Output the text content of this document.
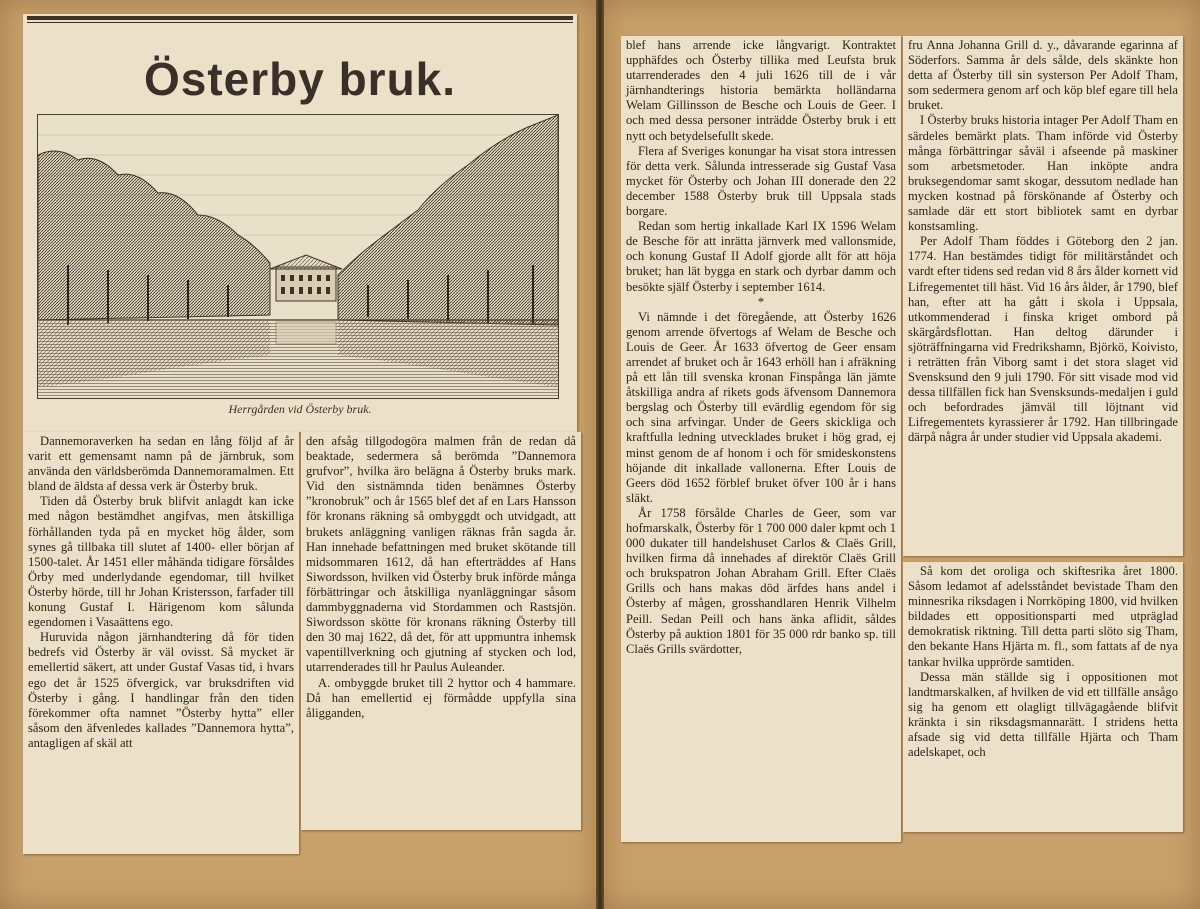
Österby bruk.
Herrgården vid Österby bruk.

Dannemoraverken ha sedan en lång följd af år varit ett gemensamt namn på de järnbruk, som använda den världsberömda Dannemoramalmen. Ett bland de äldsta af dessa verk är Österby bruk.

Tiden då Österby bruk blifvit anlagdt kan icke med någon bestämdhet angifvas, men åtskilliga förhållanden tyda på en mycket hög ålder, som synes gå tillbaka till slutet af 1400- eller början af 1500-talet. År 1451 eller måhända tidigare försåldes Örby med underlydande egendomar, till hvilket Österby hörde, till hr Johan Kristersson, farfader till konung Gustaf I. Härigenom kom sålunda egendomen i Vasaättens ego.

Huruvida någon järnhandtering då för tiden bedrefs vid Österby är väl ovisst. Så mycket är emellertid säkert, att under Gustaf Vasas tid, i hvars ego det år 1525 öfvergick, var bruksdriften vid Österby i gång. I handlingar från den tiden förekommer ofta namnet ”Österby hytta” eller såsom den äfvenledes kallades ”Dannemora hytta”, antagligen af skäl att

den afsåg tillgodogöra malmen från de redan då beaktade, sedermera så berömda ”Dannemora grufvor”, hvilka äro belägna å Österby bruks mark. Vid den sistnämnda tiden benämnes Österby ”kronobruk” och år 1565 blef det af en Lars Hansson för kronans räkning så ombyggdt och utvidgadt, att brukets anläggning vanligen räknas från sagda år. Han innehade befattningen med bruket skötande till midsommaren 1612, då han efterträddes af Hans Siwordsson, hvilken vid Österby bruk införde många förbättringar och åtskilliga nyanläggningar såsom dammbyggnaderna vid Stordammen och Rastsjön. Siwordsson skötte för kronans räkning Österby till den 30 maj 1622, då det, för att uppmuntra inhemsk vapentillverkning och gjutning af stycken och lod, utarrenderades till hr Paulus Auleander.

A. ombyggde bruket till 2 hyttor och 4 hammare. Då han emellertid ej förmådde uppfylla sina åligganden,

blef hans arrende icke långvarigt. Kontraktet upphäfdes och Österby tillika med Leufsta bruk utarrenderades den 4 juli 1626 till de i vår järnhandterings historia bemärkta holländarna Welam Gillinsson de Besche och Louis de Geer. I och med dessa personer inträdde Österby bruk i ett nytt och betydelsefullt skede.

Flera af Sveriges konungar ha visat stora intressen för detta verk. Sålunda intresserade sig Gustaf Vasa mycket för Österby och Johan III donerade den 22 december 1588 Österby bruk till Uppsala stads borgare.

Redan som hertig inkallade Karl IX 1596 Welam de Besche för att inrätta järnverk med vallonsmide, och konung Gustaf II Adolf gjorde allt för att höja bruket; han lät bygga en stark och dyrbar damm och besökte själf Österby i september 1614.

*

Vi nämnde i det föregående, att Österby 1626 genom arrende öfvertogs af Welam de Besche och Louis de Geer. År 1633 öfvertog de Geer ensam arrendet af bruket och år 1643 erhöll han i afräkning på ett lån till svenska kronan Finspånga län jämte åtskilliga andra af rikets gods äfvensom Dannemora bergslag och Österby till evärdlig egendom för sig och sina arfvingar. Under de Geers skickliga och kraftfulla ledning utvecklades bruket i hög grad, ej minst genom de af honom i och för smideskonstens höjande dit inkallade vallonerna. Efter Louis de Geers död 1652 förblef bruket öfver 100 år i hans släkt.

År 1758 försålde Charles de Geer, som var hofmarskalk, Österby för 1 700 000 daler kpmt och 1 000 dukater till handelshuset Carlos & Claës Grill, hvilken firma då innehades af direktör Claës Grill och brukspatron Johan Abraham Grill. Efter Claës Grills och hans makas död ärfdes hans andel i Österby af mågen, grosshandlaren Henrik Vilhelm Peill. Sedan Peill och hans änka aflidit, såldes Österby på auktion 1801 för 35 000 rdr banko sp. till Claës Grills svärdotter,

fru Anna Johanna Grill d. y., dåvarande egarinna af Söderfors. Samma år dels sålde, dels skänkte hon detta af Österby till sin systerson Per Adolf Tham, som sedermera genom arf och köp blef egare till hela bruket.

I Österby bruks historia intager Per Adolf Tham en särdeles bemärkt plats. Tham införde vid Österby många förbättringar såväl i afseende på maskiner som arbetsmetoder. Han inköpte andra bruksegendomar samt skogar, dessutom nedlade han mycken kostnad på förskönande af Österby och samlade där ett stort bibliotek samt en dyrbar konstsamling.

Per Adolf Tham föddes i Göteborg den 2 jan. 1774. Han bestämdes tidigt för militärståndet och vardt efter tidens sed redan vid 8 års ålder kornett vid Lifregementet till häst. Vid 16 års ålder, år 1790, blef han, efter att ha gått i skola i Uppsala, utkommenderad i finska kriget ombord på skärgårdsflottan. Han deltog därunder i sjöträffningarna vid Fredrikshamn, Björkö, Koivisto, i reträtten från Viborg samt i det stora slaget vid Svensksund den 9 juli 1790. För sitt visade mod vid dessa tillfällen fick han Svensksunds-medaljen i guld och befordrades jämväl till löjtnant vid Lifregementets kyrassierer år 1792. Han tillbringade därpå några år under studier vid Uppsala akademi.

Så kom det oroliga och skiftesrika året 1800. Såsom ledamot af adelsståndet bevistade Tham den minnesrika riksdagen i Norrköping 1800, vid hvilken bildades ett oppositionsparti med utpräglad demokratisk riktning. Till detta parti slöto sig Tham, den bekante Hans Hjärta m. fl., som fattats af de nya tankar hvilka upprörde samtiden.

Dessa män ställde sig i oppositionen mot landtmarskalken, af hvilken de vid ett tillfälle ansågo sig ha genom ett olagligt tillvägagående blifvit kränkta i sin riksdagsmannarätt. I stridens hetta afsade sig vid detta tillfälle Hjärta och Tham adelskapet, och
